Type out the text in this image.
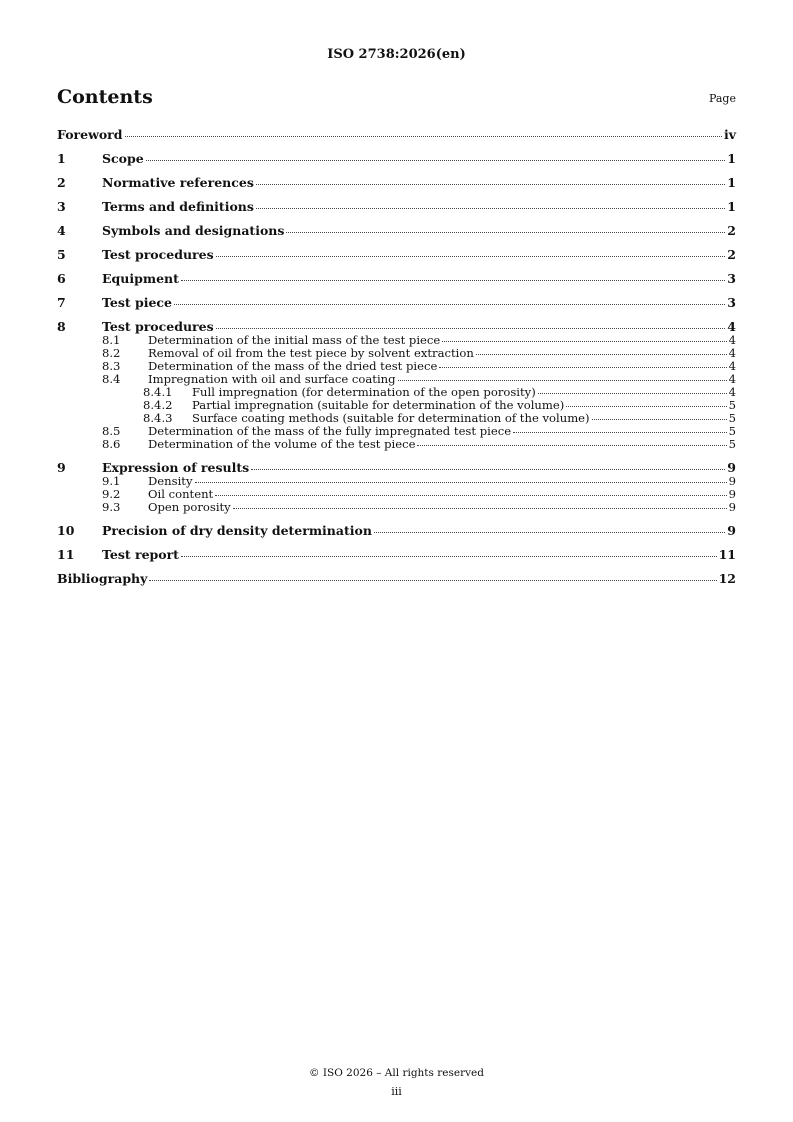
ISO 2738:2026(en)
Contents	Page
Foreword	iv
1	Scope	1
2	Normative references	1
3	Terms and definitions	1
4	Symbols and designations	2
5	Test procedures	2
6	Equipment	3
7	Test piece	3
8	Test procedures	4
8.1	Determination of the initial mass of the test piece	4
8.2	Removal of oil from the test piece by solvent extraction	4
8.3	Determination of the mass of the dried test piece	4
8.4	Impregnation with oil and surface coating	4
8.4.1	Full impregnation (for determination of the open porosity)	4
8.4.2	Partial impregnation (suitable for determination of the volume)	5
8.4.3	Surface coating methods (suitable for determination of the volume)	5
8.5	Determination of the mass of the fully impregnated test piece	5
8.6	Determination of the volume of the test piece	5
9	Expression of results	9
9.1	Density	9
9.2	Oil content	9
9.3	Open porosity	9
10	Precision of dry density determination	9
11	Test report	11
Bibliography	12
© ISO 2026 – All rights reserved
iii
